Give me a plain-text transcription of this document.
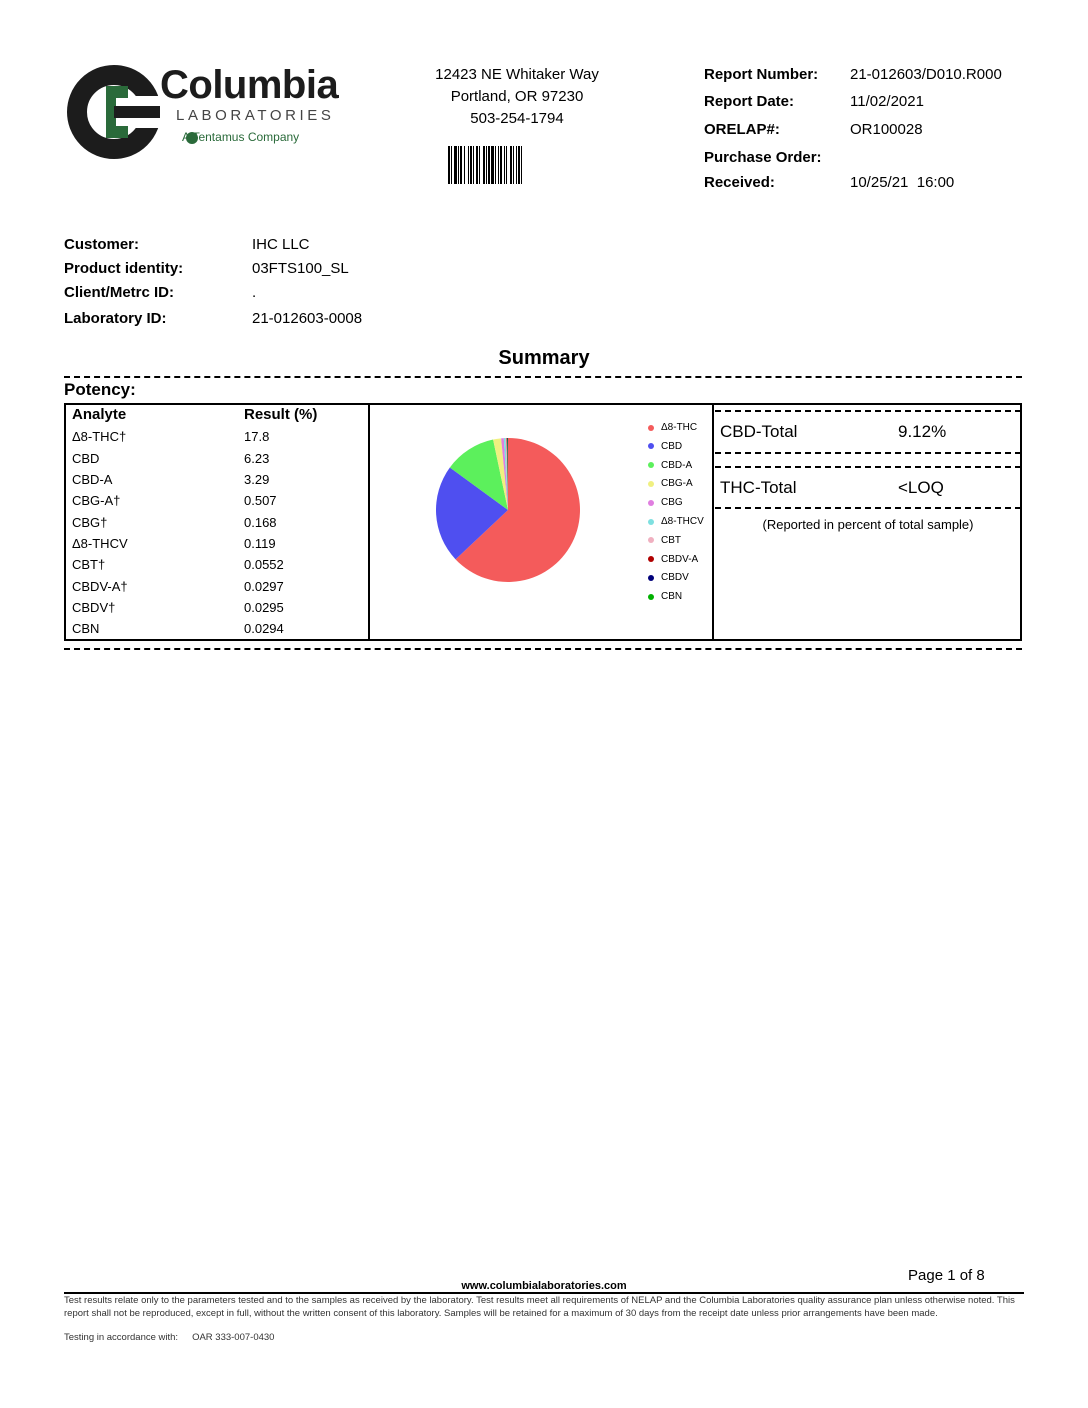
Columbia
LABORATORIES
A Tentamus Company
12423 NE Whitaker Way
Portland, OR 97230
503-254-1794
Report Number: 21-012603/D010.R000
Report Date:	11/02/2021
ORELAP#:	OR100028
Purchase Order:
Received:	10/25/21  16:00
Customer:	IHC LLC
Product identity:	03FTS100_SL
Client/Metrc ID:	.
Laboratory ID:	21-012603-0008
Summary
Potency:
Analyte	Result (%)
Δ8-THC†	17.8
CBD	6.23
CBD-A	3.29
CBG-A†	0.507
CBG†	0.168
Δ8-THCV	0.119
CBT†	0.0552
CBDV-A†	0.0297
CBDV†	0.0295
CBN	0.0294
Δ8-THC
CBD
CBD-A
CBG-A
CBG
Δ8-THCV
CBT
CBDV-A
CBDV
CBN
CBD-Total	9.12%
THC-Total	<LOQ
(Reported in percent of total sample)
Page 1 of 8
www.columbialaboratories.com
Test results relate only to the parameters tested and to the samples as received by the laboratory. Test results meet all requirements of NELAP and the Columbia Laboratories quality assurance plan unless otherwise noted. This report shall not be reproduced, except in full, without the written consent of this laboratory. Samples will be retained for a maximum of 30 days from the receipt date unless prior arrangements have been made.
Testing in accordance with: OAR 333-007-0430
